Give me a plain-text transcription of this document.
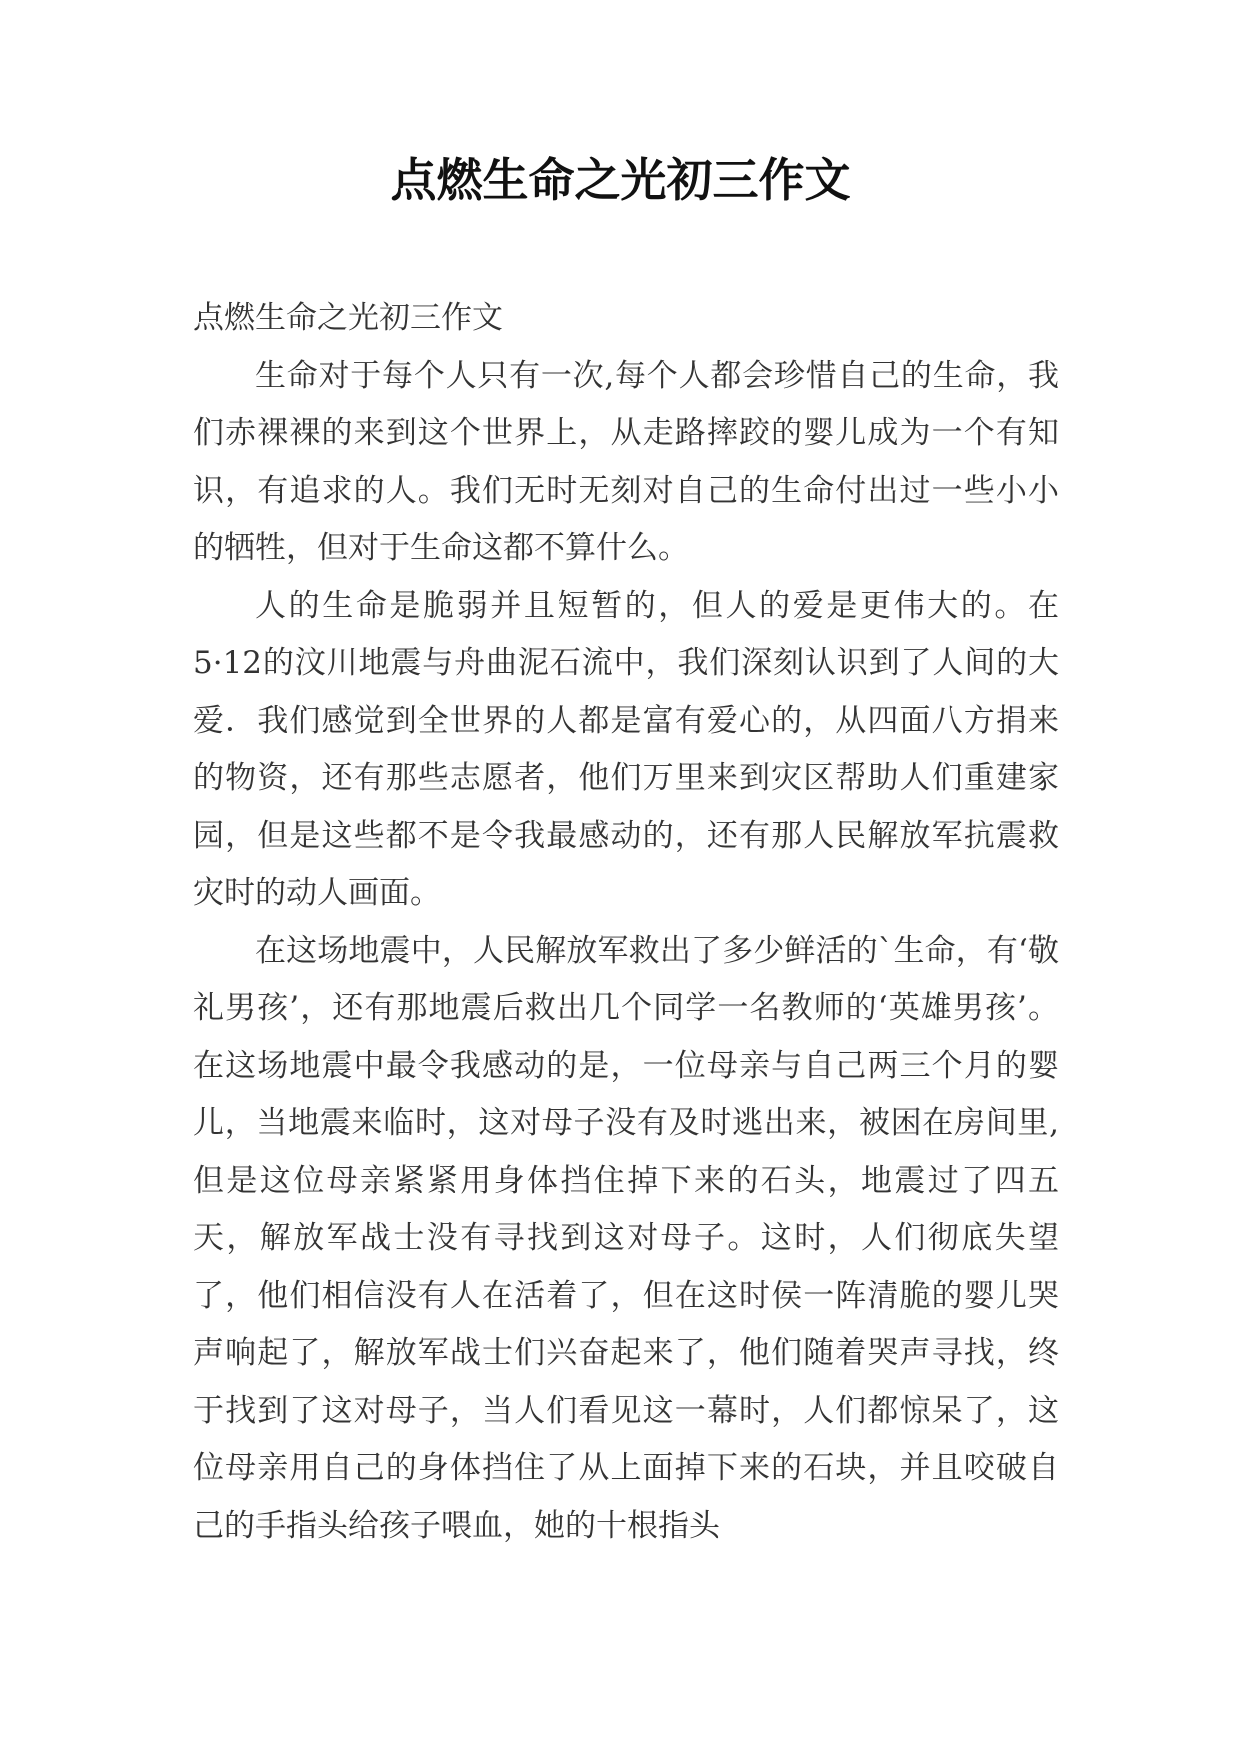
点燃生命之光初三作文

点燃生命之光初三作文

生命对于每个人只有一次,每个人都会珍惜自己的生命，我们赤裸裸的来到这个世界上，从走路摔跤的婴儿成为一个有知识，有追求的人。我们无时无刻对自己的生命付出过一些小小的牺牲，但对于生命这都不算什么。

人的生命是脆弱并且短暂的，但人的爱是更伟大的。在5·12的汶川地震与舟曲泥石流中，我们深刻认识到了人间的大爱．我们感觉到全世界的人都是富有爱心的，从四面八方捐来的物资，还有那些志愿者，他们万里来到灾区帮助人们重建家园，但是这些都不是令我最感动的，还有那人民解放军抗震救灾时的动人画面。

在这场地震中，人民解放军救出了多少鲜活的`生命，有‘敬礼男孩’，还有那地震后救出几个同学一名教师的‘英雄男孩’。在这场地震中最令我感动的是，一位母亲与自己两三个月的婴儿，当地震来临时，这对母子没有及时逃出来，被困在房间里,但是这位母亲紧紧用身体挡住掉下来的石头，地震过了四五天，解放军战士没有寻找到这对母子。这时，人们彻底失望了，他们相信没有人在活着了，但在这时侯一阵清脆的婴儿哭声响起了，解放军战士们兴奋起来了，他们随着哭声寻找，终于找到了这对母子，当人们看见这一幕时，人们都惊呆了，这位母亲用自己的身体挡住了从上面掉下来的石块，并且咬破自己的手指头给孩子喂血，她的十根指头
